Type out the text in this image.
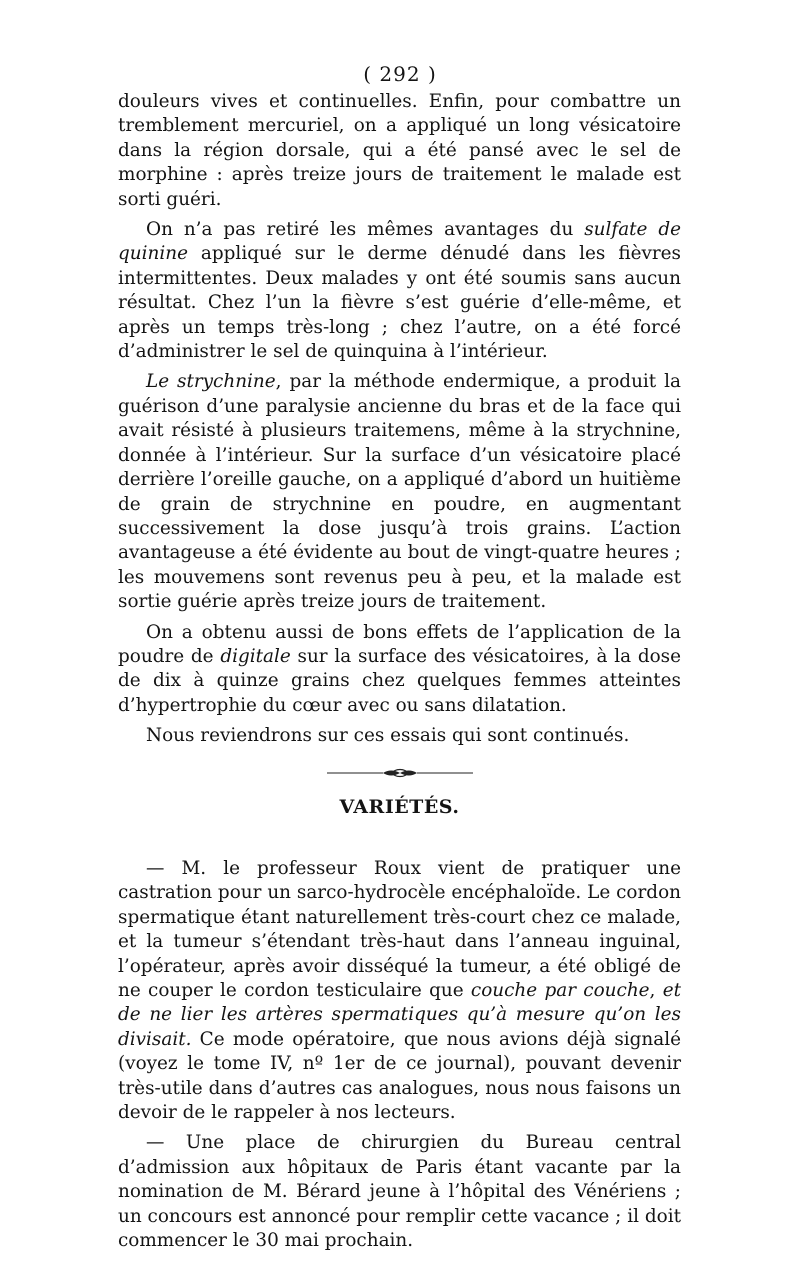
( 292 )

douleurs vives et continuelles. Enfin, pour combattre un tremblement mercuriel, on a appliqué un long vésicatoire dans la région dorsale, qui a été pansé avec le sel de morphine : après treize jours de traitement le malade est sorti guéri.

On n’a pas retiré les mêmes avantages du sulfate de quinine appliqué sur le derme dénudé dans les fièvres intermittentes. Deux malades y ont été soumis sans aucun résultat. Chez l’un la fièvre s’est guérie d’elle-même, et après un temps très-long ; chez l’autre, on a été forcé d’administrer le sel de quinquina à l’intérieur.

Le strychnine, par la méthode endermique, a produit la guérison d’une paralysie ancienne du bras et de la face qui avait résisté à plusieurs traitemens, même à la strychnine, donnée à l’intérieur. Sur la surface d’un vésicatoire placé derrière l’oreille gauche, on a appliqué d’abord un huitième de grain de strychnine en poudre, en augmentant successivement la dose jusqu’à trois grains. L’action avantageuse a été évidente au bout de vingt-quatre heures ; les mouvemens sont revenus peu à peu, et la malade est sortie guérie après treize jours de traitement.

On a obtenu aussi de bons effets de l’application de la poudre de digitale sur la surface des vésicatoires, à la dose de dix à quinze grains chez quelques femmes atteintes d’hypertrophie du cœur avec ou sans dilatation.

Nous reviendrons sur ces essais qui sont continués.

VARIÉTÉS.

— M. le professeur Roux vient de pratiquer une castration pour un sarco-hydrocèle encéphaloïde. Le cordon spermatique étant naturellement très-court chez ce malade, et la tumeur s’étendant très-haut dans l’anneau inguinal, l’opérateur, après avoir disséqué la tumeur, a été obligé de ne couper le cordon testiculaire que couche par couche, et de ne lier les artères spermatiques qu’à mesure qu’on les divisait. Ce mode opératoire, que nous avions déjà signalé (voyez le tome IV, nº 1er de ce journal), pouvant devenir très-utile dans d’autres cas analogues, nous nous faisons un devoir de le rappeler à nos lecteurs.

— Une place de chirurgien du Bureau central d’admission aux hôpitaux de Paris étant vacante par la nomination de M. Bérard jeune à l’hôpital des Vénériens ; un concours est annoncé pour remplir cette vacance ; il doit commencer le 30 mai prochain.
